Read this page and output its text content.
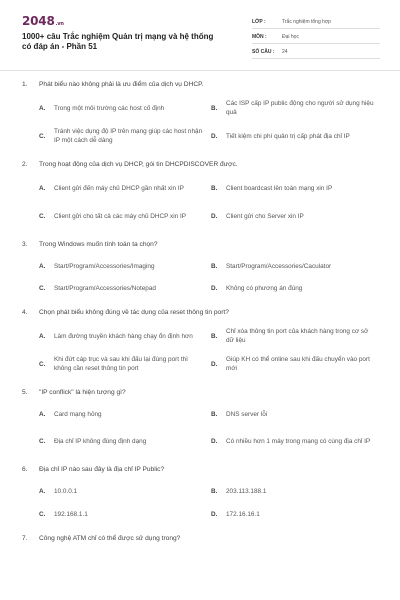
2048.vn
1000+ câu Trắc nghiệm Quản trị mạng và hệ thống có đáp án - Phần 51
LỚP :	Trắc nghiệm tổng hợp
MÔN :	Đại học
SỐ CÂU :	24
1.	Phát biểu nào không phải là ưu điểm của dịch vụ DHCP.
A.	Trong một môi trường các host cố định	B.
Các ISP cấp IP public động cho người sử dụng hiệu quả
C.
Tránh việc dụng độ IP trên mạng giúp các host nhận IP một cách dễ dàng
D.	Tiết kiệm chi phí quản trị cấp phát địa chỉ IP
2.	Trong hoạt động của dịch vụ DHCP, gói tin DHCPDISCOVER được.
A.	Client gửi đến máy chủ DHCP gần nhất xin IP	B.	Client boardcast lên toàn mạng xin IP
C.	Client gửi cho tất cả các máy chủ DHCP xin IP	D.	Client gửi cho Server xin IP
3.	Trong Windows muốn tính toán ta chọn?
A.	Start/Program/Accessories/Imaging	B.	Start/Program/Accessories/Caculator
C.	Start/Program/Accessories/Notepad	D.	Không có phương án đúng
4.	Chọn phát biểu không đúng về tác dụng của reset thông tin port?
A.	Làm đường truyền khách hàng chạy ổn định hơn	B.
Chỉ xóa thông tin port của khách hàng trong cơ sở dữ liệu
C.
Khi đứt cáp trục và sau khi đấu lại đúng port thì không cần reset thông tin port
D.
Giúp KH có thể online sau khi đấu chuyển vào port mới
5.	"IP conflick" là hiện tượng gì?
A.	Card mạng hỏng	B.	DNS server lỗi
C.	Địa chỉ IP không đúng định dạng	D.	Có nhiều hơn 1 máy trong mạng có cùng địa chỉ IP
6.	Địa chỉ IP nào sau đây là địa chỉ IP Public?
A.	10.0.0.1	B.	203.113.188.1
C.	192.168.1.1	D.	172.16.16.1
7.	Công nghệ ATM chỉ có thể được sử dụng trong?
